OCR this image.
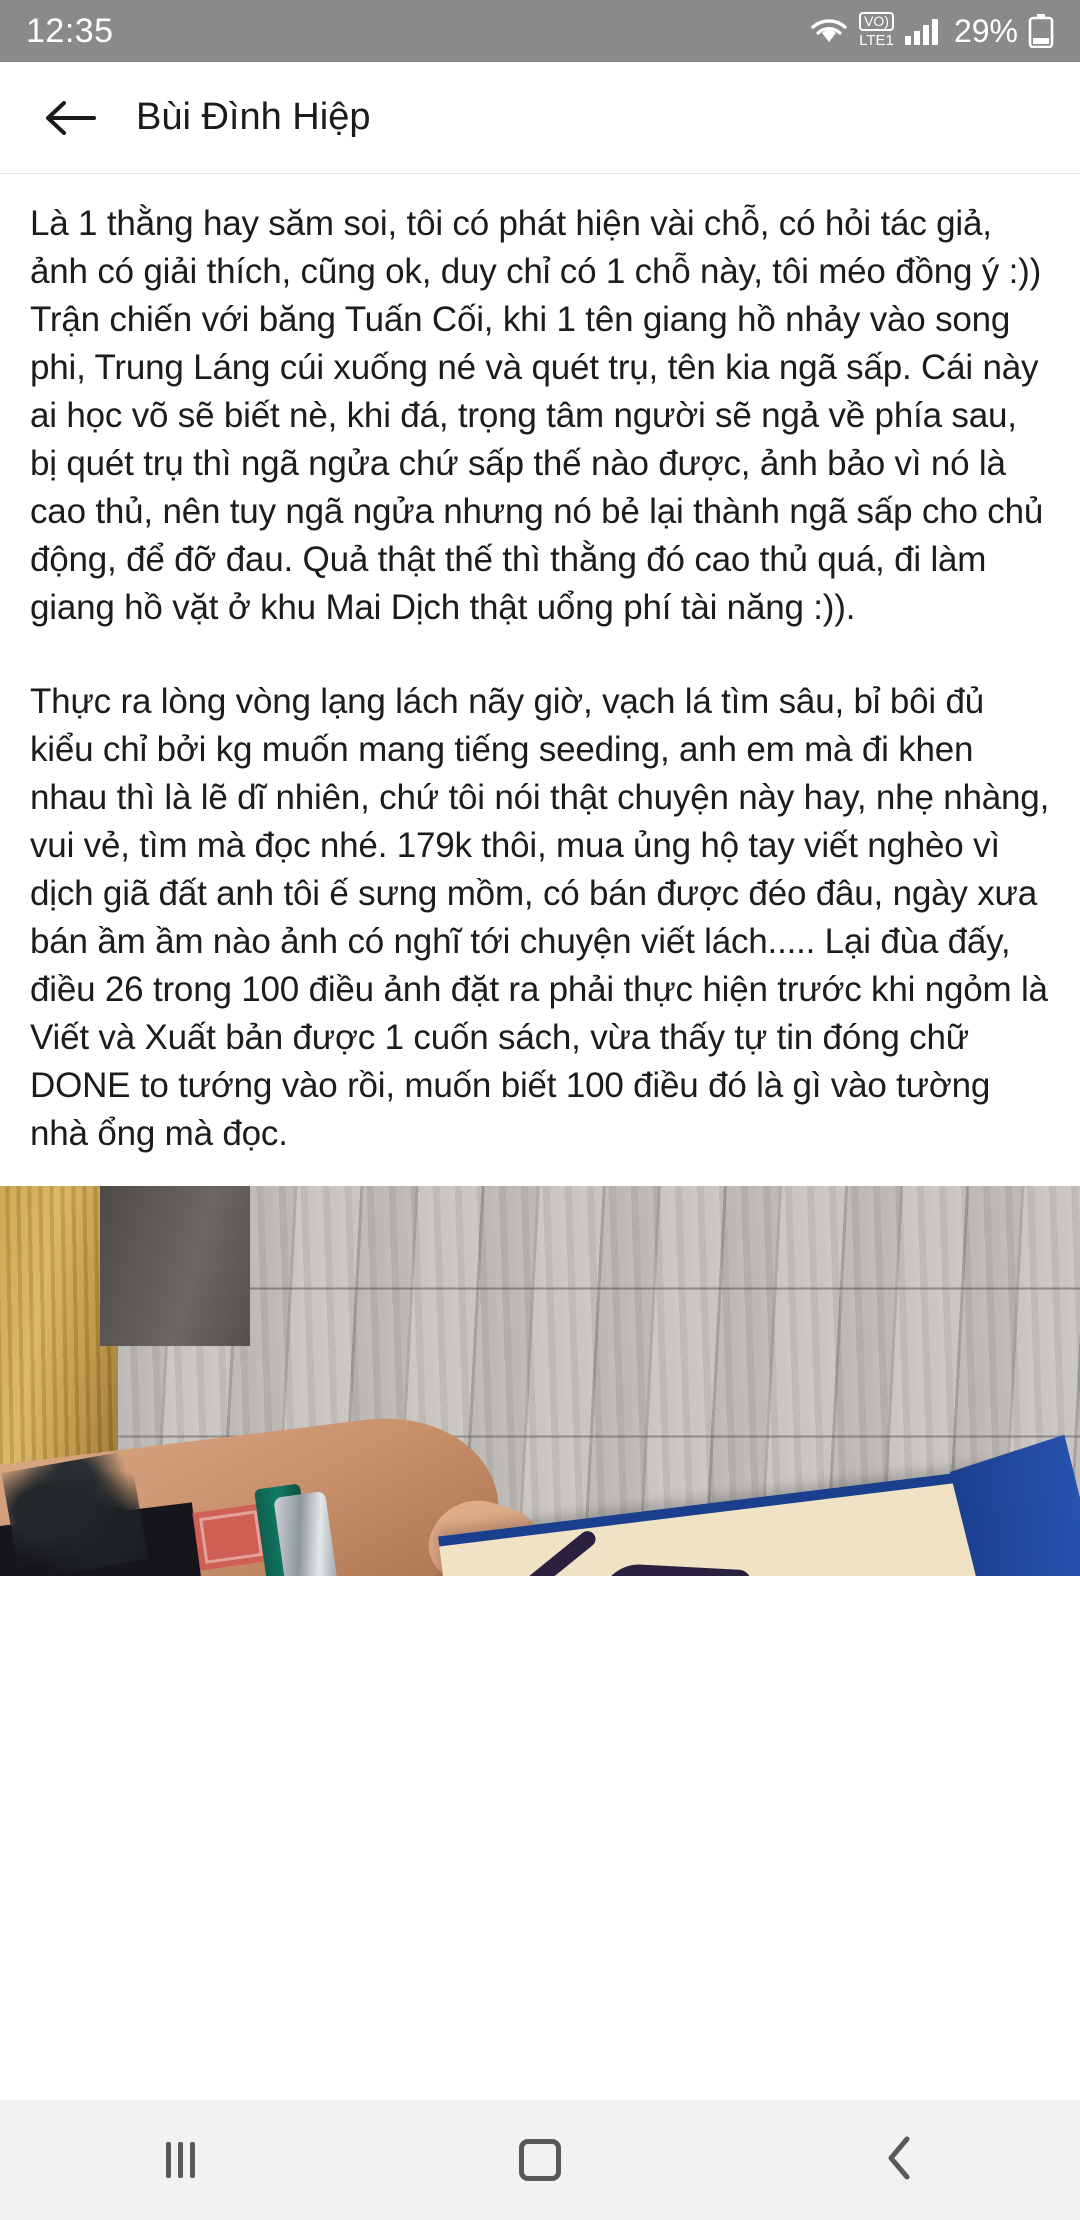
12:35	VO)
LTE1 29%
Bùi Đình Hiệp

Là 1 thằng hay săm soi, tôi có phát hiện vài chỗ, có hỏi tác giả, ảnh có giải thích, cũng ok, duy chỉ có 1 chỗ này, tôi méo đồng ý :)) Trận chiến với băng Tuấn Cối, khi 1 tên giang hồ nhảy vào song phi, Trung Láng cúi xuống né và quét trụ, tên kia ngã sấp. Cái này ai học võ sẽ biết nè, khi đá, trọng tâm người sẽ ngả về phía sau, bị quét trụ thì ngã ngửa chứ sấp thế nào được, ảnh bảo vì nó là cao thủ, nên tuy ngã ngửa nhưng nó bẻ lại thành ngã sấp cho chủ động, để đỡ đau. Quả thật thế thì thằng đó cao thủ quá, đi làm giang hồ vặt ở khu Mai Dịch thật uổng phí tài năng :)).

Thực ra lòng vòng lạng lách nãy giờ, vạch lá tìm sâu, bỉ bôi đủ kiểu chỉ bởi kg muốn mang tiếng seeding, anh em mà đi khen nhau thì là lẽ dĩ nhiên, chứ tôi nói thật chuyện này hay, nhẹ nhàng, vui vẻ, tìm mà đọc nhé. 179k thôi, mua ủng hộ tay viết nghèo vì dịch giã đất anh tôi ế sưng mồm, có bán được đéo đâu, ngày xưa bán ầm ầm nào ảnh có nghĩ tới chuyện viết lách..... Lại đùa đấy, điều 26 trong 100 điều ảnh đặt ra phải thực hiện trước khi ngỏm là Viết và Xuất bản được 1 cuốn sách, vừa thấy tự tin đóng chữ DONE to tướng vào rồi, muốn biết 100 điều đó là gì vào tường nhà ổng mà đọc.
